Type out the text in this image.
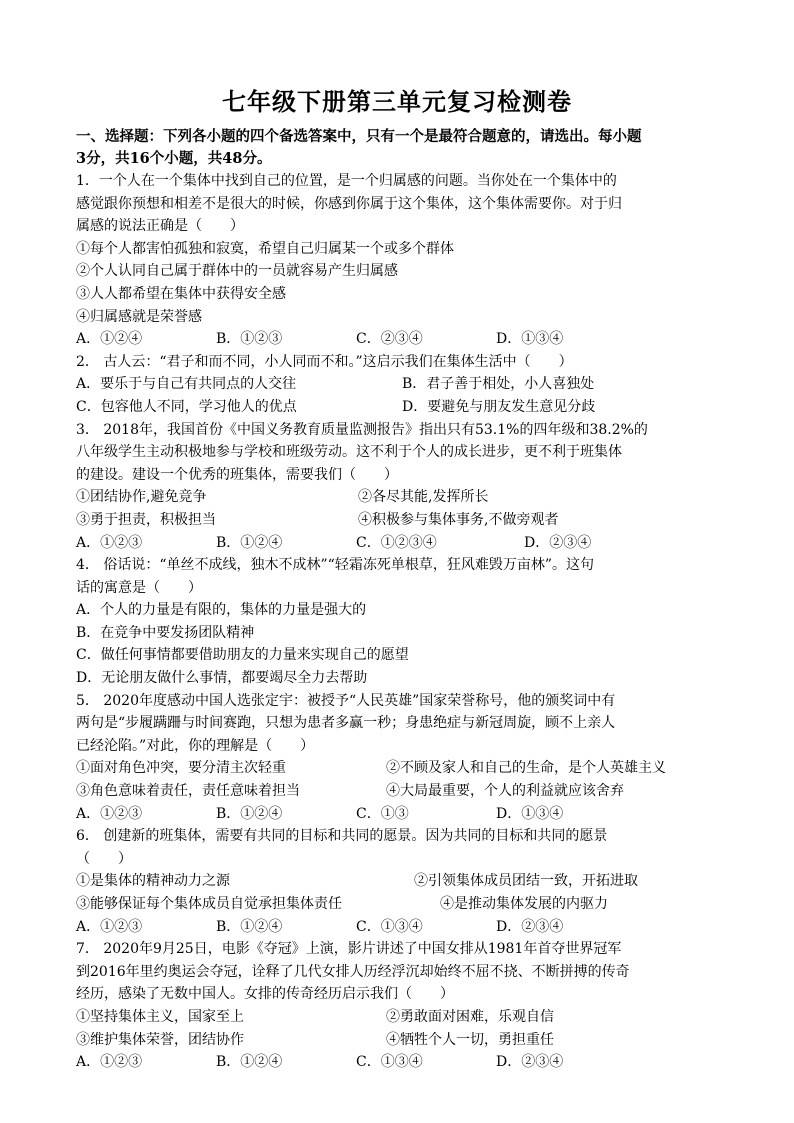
七年级下册第三单元复习检测卷
一、选择题：下列各小题的四个备选答案中，只有一个是最符合题意的，请选出。每小题
3分，共16个小题，共48分。
1．一个人在一个集体中找到自己的位置，是一个归属感的问题。当你处在一个集体中的
感觉跟你预想和相差不是很大的时候，你感到你属于这个集体，这个集体需要你。对于归
属感的说法正确是（　　）
①每个人都害怕孤独和寂寞，希望自己归属某一个或多个群体
②个人认同自己属于群体中的一员就容易产生归属感
③人人都希望在集体中获得安全感
④归属感就是荣誉感
A．①②④	B．①②③	C．②③④	D．①③④
2． 古人云：“君子和而不同，小人同而不和。”这启示我们在集体生活中（　　）
A．要乐于与自己有共同点的人交往	B．君子善于相处，小人喜独处
C．包容他人不同，学习他人的优点	D．要避免与朋友发生意见分歧
3． 2018年，我国首份《中国义务教育质量监测报告》指出只有53.1%的四年级和38.2%的
八年级学生主动积极地参与学校和班级劳动。这不利于个人的成长进步，更不利于班集体
的建设。建设一个优秀的班集体，需要我们（　　）
①团结协作,避免竞争	②各尽其能,发挥所长
③勇于担责，积极担当	④积极参与集体事务,不做旁观者
A．①②③	B．①②④	C．①②③④	D．②③④
4． 俗话说：“单丝不成线，独木不成林”“轻霜冻死单根草，狂风难毁万亩林”。这句
话的寓意是（　　）
A．个人的力量是有限的，集体的力量是强大的
B．在竞争中要发扬团队精神
C．做任何事情都要借助朋友的力量来实现自己的愿望
D．无论朋友做什么事情，都要竭尽全力去帮助
5． 2020年度感动中国人选张定宇：被授予“人民英雄”国家荣誉称号，他的颁奖词中有
两句是“步履蹒跚与时间赛跑，只想为患者多赢一秒；身患绝症与新冠周旋，顾不上亲人
已经沦陷。”对此，你的理解是（　　）
①面对角色冲突，要分清主次轻重	②不顾及家人和自己的生命，是个人英雄主义
③角色意味着责任，责任意味着担当	④大局最重要，个人的利益就应该舍弃
A．①②③	B．①②④	C．①③	D．①③④
6． 创建新的班集体，需要有共同的目标和共同的愿景。因为共同的目标和共同的愿景
（　　）
①是集体的精神动力之源	②引领集体成员团结一致，开拓进取
③能够保证每个集体成员自觉承担集体责任	④是推动集体发展的内驱力
A．①②③	B．①②④	C．①③④	D．②③④
7． 2020年9月25日，电影《夺冠》上演，影片讲述了中国女排从1981年首夺世界冠军
到2016年里约奥运会夺冠，诠释了几代女排人历经浮沉却始终不屈不挠、不断拼搏的传奇
经历，感染了无数中国人。女排的传奇经历启示我们（　　）
①坚持集体主义，国家至上	②勇敢面对困难，乐观自信
③维护集体荣誉，团结协作	④牺牲个人一切，勇担重任
A．①②③	B．①②④	C．①③④	D．②③④
